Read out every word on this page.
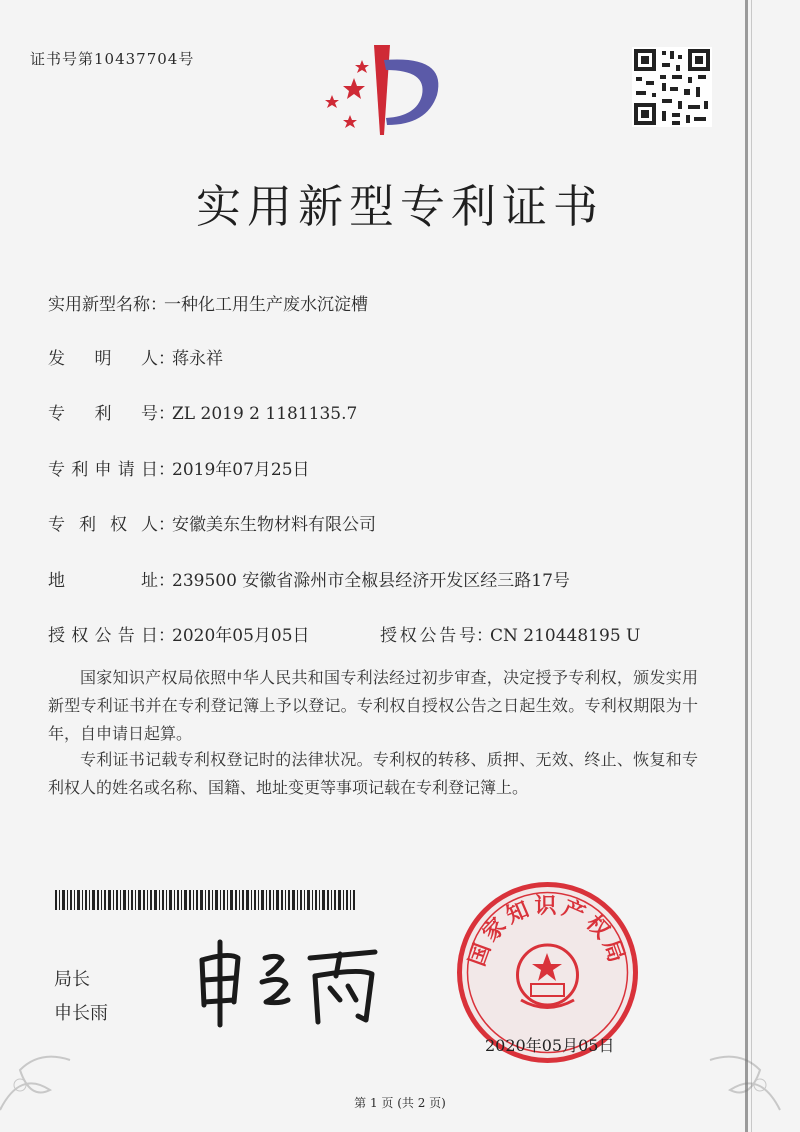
证书号第10437704号
实用新型专利证书
实用新型名称：一种化工用生产废水沉淀槽
发明人：蒋永祥
专利号：ZL 2019 2 1181135.7
专利申请日：2019年07月25日
专利权人：安徽美东生物材料有限公司
地址：239500 安徽省滁州市全椒县经济开发区经三路17号
授权公告日：2020年05月05日	授权公告号：CN 210448195 U
国家知识产权局依照中华人民共和国专利法经过初步审查，决定授予专利权，颁发实用新型专利证书并在专利登记簿上予以登记。专利权自授权公告之日起生效。专利权期限为十年，自申请日起算。
专利证书记载专利权登记时的法律状况。专利权的转移、质押、无效、终止、恢复和专利权人的姓名或名称、国籍、地址变更等事项记载在专利登记簿上。
局长
申长雨
国家知识产权局
2020年05月05日
第 1 页 (共 2 页)
